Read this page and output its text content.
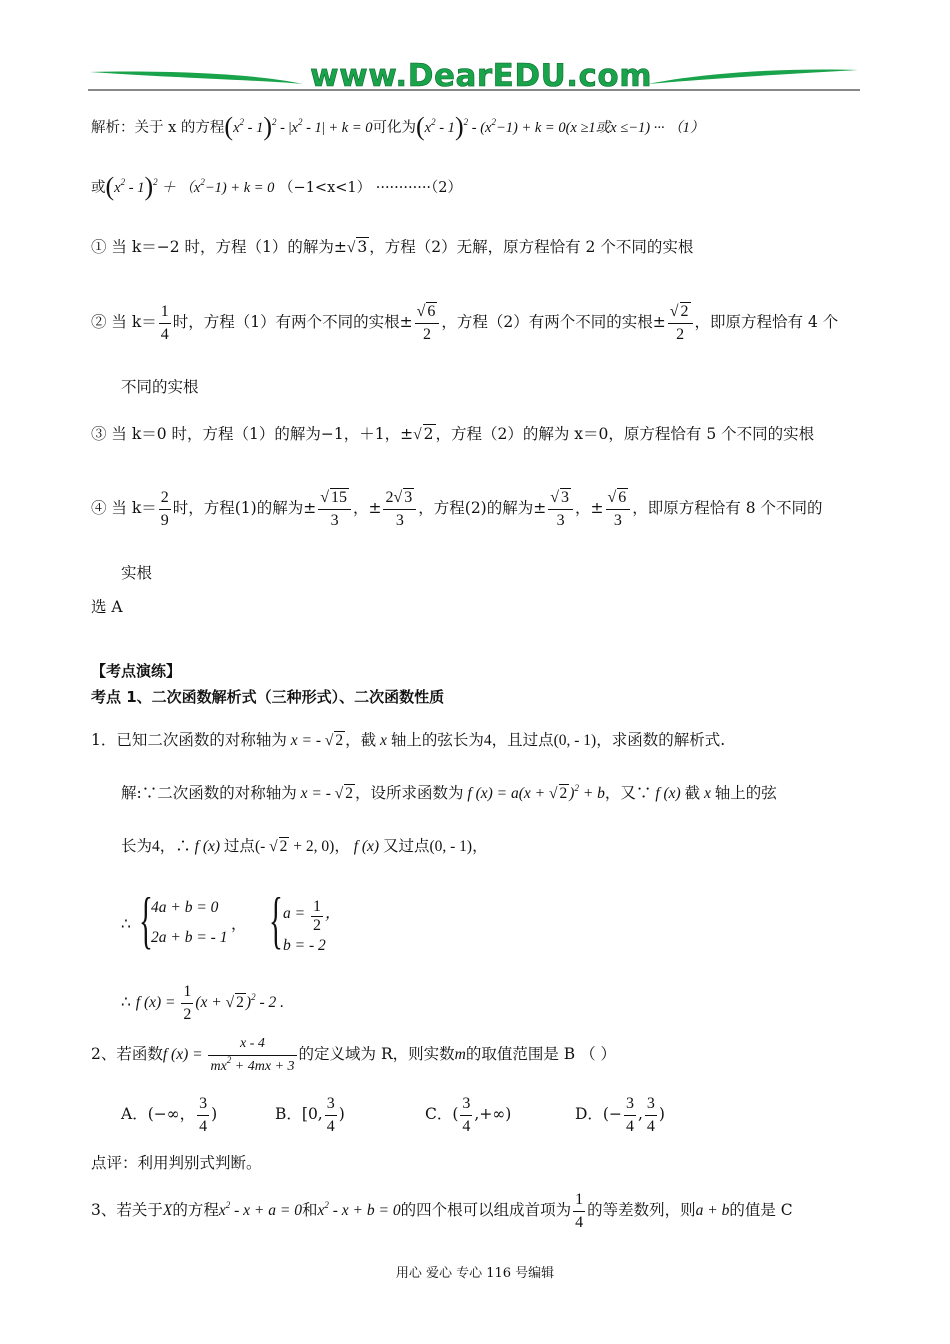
www.DearEDU.com
解析：关于 x 的方程$(x^2 - 1)^2 - |x^2 - 1| + k = 0$可化为$(x^2 - 1)^2 - (x^2-1) + k = 0(x \ge 1$或x ≤−1) ··· （1）
或$(x^2 - 1)^2 + (x^2-1) + k = 0$ （−1<x<1） ············（2）
① 当 k＝−2 时，方程（1）的解为±√ 3 ，方程（2）无解，原方程恰有 2 个不同的实根
② 当 $k= \frac{1}{4}$ 时，方程（1）有两个不同的实根± $\frac{√ 6}{2}$ ，方程（2）有两个不同的实根± $\frac{√ 2}{2}$ ，即原方程恰有 4 个
不同的实根
③ 当 k＝0 时，方程（1）的解为−1，＋1，±√ 2 ，方程（2）的解为 x＝0，原方程恰有 5 个不同的实根
④ 当 $k= \frac{2}{9}$ 时，方程(1)的解为± $\frac{√ 15}{3}$ ，± $\frac{2√ 3}{3}$ ，方程(2)的解为± $\frac{√ 3}{3}$ ，± $\frac{√ 6}{3}$ ，即原方程恰有 8 个不同的
实根
选 A
【考点演练】
考点 1、二次函数解析式（三种形式）、二次函数性质
1．已知二次函数的对称轴为 x = - √ 2 ，截 x 轴上的弦长为4，且过点(0, - 1)，求函数的解析式.
解:∵二次函数的对称轴为 x = - √ 2 ，设所求函数为 f (x) = a(x + √ 2 )$^2$ + b，又∵ f (x) 截 x 轴上的弦
长为4，∴ f (x) 过点(- √ 2 + 2, 0)， f (x) 又过点(0, - 1)，
∴ {
4a + b = 0
2a + b = - 1
， { $a = \frac{1}{2}$ ，
b = - 2
∴ f $(x) = \frac{1}{2} (x$ + √ 2 )$^2$ - 2 .
2、若函数f $(x) = \frac{x - 4}{mx^2 + 4mx + 3}$ 的定义域为 R，则实数m的取值范围是 B （ ）
A．(−∞， $\frac{3}{4}$ )	B．[0, $\frac{3}{4}$ )	C．( $\frac{3}{4}$ ,+∞)	D．(− $\frac{3}{4}$ , $\frac{3}{4}$ )
点评：利用判别式判断。
3、若关于X的方程$x^2 - x + a = 0$和$x^2 - x + b = 0$的四个根可以组成首项为 $\frac{1}{4}$ 的等差数列，则a + b的值是 C
用心 爱心 专心 116 号编辑
